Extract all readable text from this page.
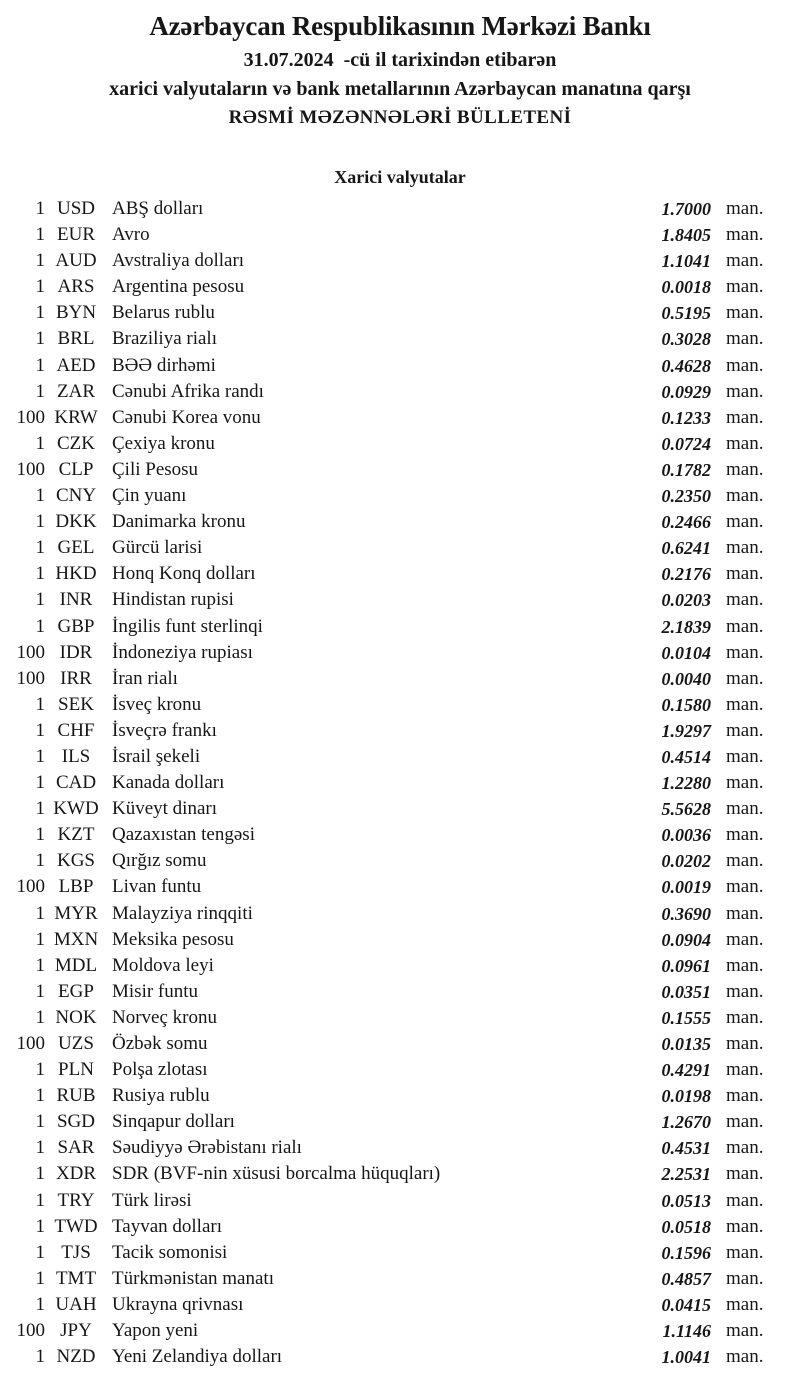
Azərbaycan Respublikasının Mərkəzi Bankı
31.07.2024  -cü il tarixindən etibarən
xarici valyutaların və bank metallarının Azərbaycan manatına qarşı
RƏSMİ MƏZƏNNƏLƏRİ BÜLLETENİ
Xarici valyutalar
1 USD ABŞ dolları	1.7000 man.
1 EUR Avro	1.8405 man.
1 AUD Avstraliya dolları	1.1041 man.
1 ARS Argentina pesosu	0.0018 man.
1 BYN Belarus rublu	0.5195 man.
1 BRL Braziliya rialı	0.3028 man.
1 AED BƏƏ dirhəmi	0.4628 man.
1 ZAR Cənubi Afrika randı	0.0929 man.
100 KRW Cənubi Korea vonu	0.1233 man.
1 CZK Çexiya kronu	0.0724 man.
100 CLP Çili Pesosu	0.1782 man.
1 CNY Çin yuanı	0.2350 man.
1 DKK Danimarka kronu	0.2466 man.
1 GEL Gürcü larisi	0.6241 man.
1 HKD Honq Konq dolları	0.2176 man.
1 INR	Hindistan rupisi	0.0203 man.
1 GBP İngilis funt sterlinqi	2.1839 man.
100 IDR	İndoneziya rupiası	0.0104 man.
100 IRR	İran rialı	0.0040 man.
1 SEK İsveç kronu	0.1580 man.
1 CHF İsveçrə frankı	1.9297 man.
1 ILS	İsrail şekeli	0.4514 man.
1 CAD Kanada dolları	1.2280 man.
1 KWD Küveyt dinarı	5.5628 man.
1 KZT Qazaxıstan tengəsi	0.0036 man.
1 KGS Qırğız somu	0.0202 man.
100 LBP Livan funtu	0.0019 man.
1 MYR Malayziya rinqqiti	0.3690 man.
1 MXN Meksika pesosu	0.0904 man.
1 MDL Moldova leyi	0.0961 man.
1 EGP Misir funtu	0.0351 man.
1 NOK Norveç kronu	0.1555 man.
100 UZS Özbək somu	0.0135 man.
1 PLN Polşa zlotası	0.4291 man.
1 RUB Rusiya rublu	0.0198 man.
1 SGD Sinqapur dolları	1.2670 man.
1 SAR Səudiyyə Ərəbistanı rialı	0.4531 man.
1 XDR SDR (BVF-nin xüsusi borcalma hüquqları)	2.2531 man.
1 TRY Türk lirəsi	0.0513 man.
1 TWD Tayvan dolları	0.0518 man.
1 TJS	Tacik somonisi	0.1596 man.
1 TMT Türkmənistan manatı	0.4857 man.
1 UAH Ukrayna qrivnası	0.0415 man.
100 JPY	Yapon yeni	1.1146 man.
1 NZD Yeni Zelandiya dolları	1.0041 man.
